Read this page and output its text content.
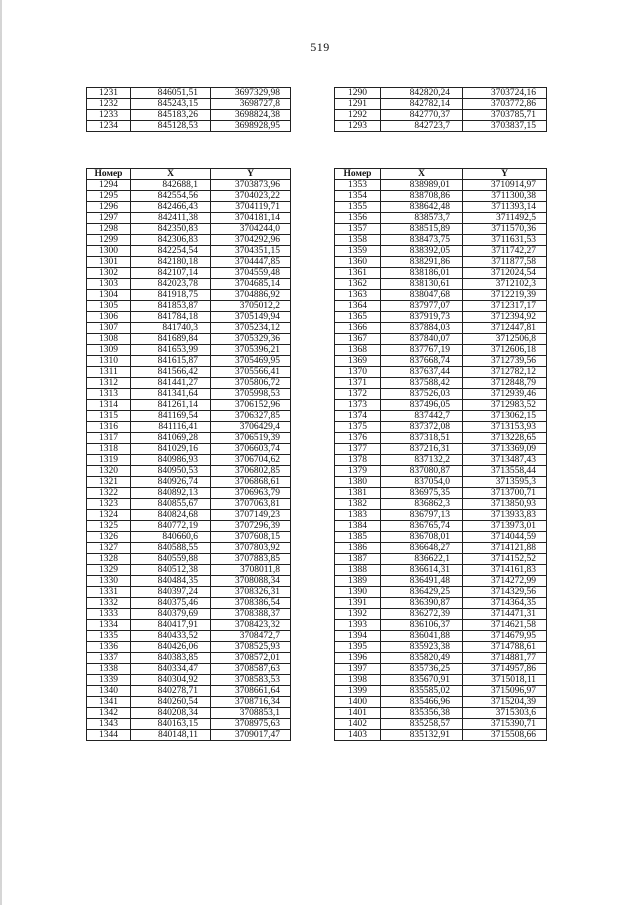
519
1231	846051,51	3697329,98
1232	845243,15	3698727,8
1233	845183,26	3698824,38
1234	845128,53	3698928,95
1290	842820,24	3703724,16
1291	842782,14	3703772,86
1292	842770,37	3703785,71
1293	842723,7	3703837,15
Номер	X	Y
1294	842688,1	3703873,96
1295	842554,56	3704023,22
1296	842466,43	3704119,71
1297	842411,38	3704181,14
1298	842350,83	3704244,0
1299	842306,83	3704292,96
1300	842254,54	3704351,15
1301	842180,18	3704447,85
1302	842107,14	3704559,48
1303	842023,78	3704685,14
1304	841918,75	3704886,92
1305	841853,87	3705012,2
1306	841784,18	3705149,94
1307	841740,3	3705234,12
1308	841689,84	3705329,36
1309	841653,99	3705396,21
1310	841615,87	3705469,95
1311	841566,42	3705566,41
1312	841441,27	3705806,72
1313	841341,64	3705998,53
1314	841261,14	3706152,96
1315	841169,54	3706327,85
1316	841116,41	3706429,4
1317	841069,28	3706519,39
1318	841029,16	3706603,74
1319	840986,93	3706704,62
1320	840950,53	3706802,85
1321	840926,74	3706868,61
1322	840892,13	3706963,79
1323	840855,67	3707063,81
1324	840824,68	3707149,23
1325	840772,19	3707296,39
1326	840660,6	3707608,15
1327	840588,55	3707803,92
1328	840559,88	3707883,85
1329	840512,38	3708011,8
1330	840484,35	3708088,34
1331	840397,24	3708326,31
1332	840375,46	3708386,54
1333	840379,69	3708388,37
1334	840417,91	3708423,32
1335	840433,52	3708472,7
1336	840426,06	3708525,93
1337	840383,85	3708572,01
1338	840334,47	3708587,63
1339	840304,92	3708583,53
1340	840278,71	3708661,64
1341	840260,54	3708716,34
1342	840208,34	3708853,1
1343	840163,15	3708975,63
1344	840148,11	3709017,47
Номер	X	Y
1353	838989,01	3710914,97
1354	838708,86	3711300,38
1355	838642,48	3711393,14
1356	838573,7	3711492,5
1357	838515,89	3711570,36
1358	838473,75	3711631,53
1359	838392,05	3711742,27
1360	838291,86	3711877,58
1361	838186,01	3712024,54
1362	838130,61	3712102,3
1363	838047,68	3712219,39
1364	837977,07	3712317,17
1365	837919,73	3712394,92
1366	837884,03	3712447,81
1367	837840,07	3712506,8
1368	837767,19	3712606,18
1369	837668,74	3712739,56
1370	837637,44	3712782,12
1371	837588,42	3712848,79
1372	837526,03	3712939,46
1373	837496,05	3712983,52
1374	837442,7	3713062,15
1375	837372,08	3713153,93
1376	837318,51	3713228,65
1377	837216,31	3713369,09
1378	837132,2	3713487,43
1379	837080,87	3713558,44
1380	837054,0	3713595,3
1381	836975,35	3713700,71
1382	836862,3	3713850,93
1383	836797,13	3713933,83
1384	836765,74	3713973,01
1385	836708,01	3714044,59
1386	836648,27	3714121,88
1387	836622,1	3714152,52
1388	836614,31	3714161,83
1389	836491,48	3714272,99
1390	836429,25	3714329,56
1391	836390,87	3714364,35
1392	836272,39	3714471,31
1393	836106,37	3714621,58
1394	836041,88	3714679,95
1395	835923,38	3714788,61
1396	835820,49	3714881,77
1397	835736,25	3714957,86
1398	835670,91	3715018,11
1399	835585,02	3715096,97
1400	835466,96	3715204,39
1401	835356,38	3715303,6
1402	835258,57	3715390,71
1403	835132,91	3715508,66
